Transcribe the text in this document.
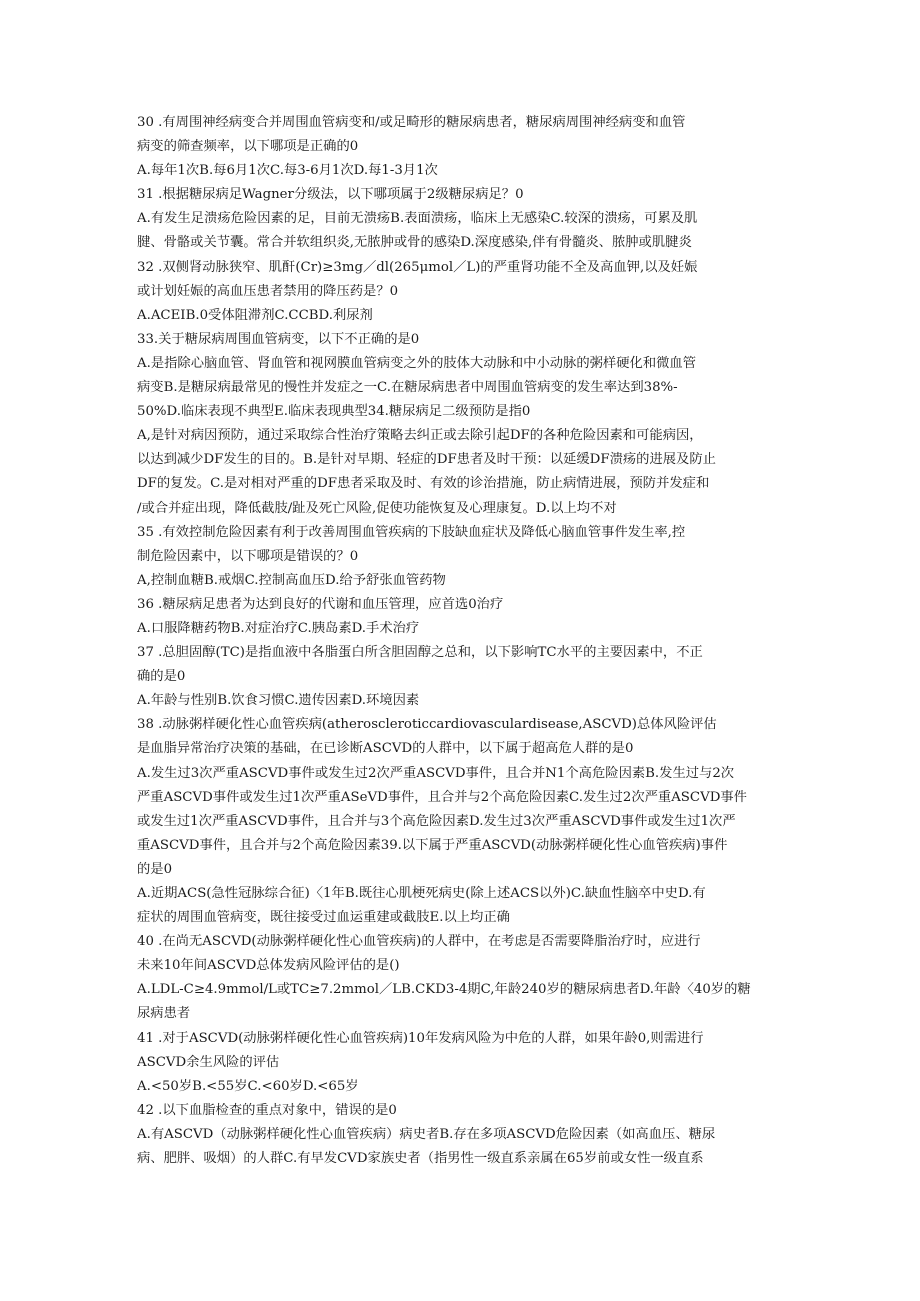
30 .有周围神经病变合并周围血管病变和/或足畸形的糖尿病患者，糖尿病周围神经病变和血管
病变的筛查频率，以下哪项是正确的0
A.每年1次B.每6月1次C.每3-6月1次D.每1-3月1次
31 .根据糖尿病足Wagner分级法，以下哪项属于2级糖尿病足？0
A.有发生足溃疡危险因素的足，目前无溃疡B.表面溃疡，临床上无感染C.较深的溃疡，可累及肌
腱、骨骼或关节囊。常合并软组织炎,无脓肿或骨的感染D.深度感染,伴有骨髓炎、脓肿或肌腱炎
32 .双侧肾动脉狭窄、肌酐(Cr)≥3mg／dl(265μmol／L)的严重肾功能不全及高血钾,以及妊娠
或计划妊娠的高血压患者禁用的降压药是？0
A.ACEIB.0受体阻滞剂C.CCBD.利尿剂
33.关于糖尿病周围血管病变，以下不正确的是0
A.是指除心脑血管、肾血管和视网膜血管病变之外的肢体大动脉和中小动脉的粥样硬化和微血管
病变B.是糖尿病最常见的慢性并发症之一C.在糖尿病患者中周围血管病变的发生率达到38%-
50%D.临床表现不典型E.临床表现典型34.糖尿病足二级预防是指0
A,是针对病因预防，通过采取综合性治疗策略去纠正或去除引起DF的各种危险因素和可能病因，
以达到减少DF发生的目的。B.是针对早期、轻症的DF患者及时干预：以延缓DF溃疡的进展及防止
DF的复发。C.是对相对严重的DF患者采取及时、有效的诊治措施，防止病情进展，预防并发症和
/或合并症出现，降低截肢/趾及死亡风险,促使功能恢复及心理康复。D.以上均不对
35 .有效控制危险因素有利于改善周围血管疾病的下肢缺血症状及降低心脑血管事件发生率,控
制危险因素中，以下哪项是错误的？0
A,控制血糖B.戒烟C.控制高血压D.给予舒张血管药物
36 .糖尿病足患者为达到良好的代谢和血压管理，应首选0治疗
A.口服降糖药物B.对症治疗C.胰岛素D.手术治疗
37 .总胆固醇(TC)是指血液中各脂蛋白所含胆固醇之总和，以下影响TC水平的主要因素中，不正
确的是0
A.年龄与性别B.饮食习惯C.遗传因素D.环境因素
38 .动脉粥样硬化性心血管疾病(atheroscleroticcardiovasculardisease,ASCVD)总体风险评估
是血脂异常治疗决策的基础，在已诊断ASCVD的人群中，以下属于超高危人群的是0
A.发生过3次严重ASCVD事件或发生过2次严重ASCVD事件，且合并N1个高危险因素B.发生过与2次
严重ASCVD事件或发生过1次严重ASeVD事件，且合并与2个高危险因素C.发生过2次严重ASCVD事件
或发生过1次严重ASCVD事件，且合并与3个高危险因素D.发生过3次严重ASCVD事件或发生过1次严
重ASCVD事件，且合并与2个高危险因素39.以下属于严重ASCVD(动脉粥样硬化性心血管疾病)事件
的是0
A.近期ACS(急性冠脉综合征)〈1年B.既往心肌梗死病史(除上述ACS以外)C.缺血性脑卒中史D.有
症状的周围血管病变，既往接受过血运重建或截肢E.以上均正确
40 .在尚无ASCVD(动脉粥样硬化性心血管疾病)的人群中，在考虑是否需要降脂治疗时，应进行
未来10年间ASCVD总体发病风险评估的是()
A.LDL-C≥4.9mmol/L或TC≥7.2mmol／LB.CKD3-4期C,年龄240岁的糖尿病患者D.年龄〈40岁的糖
尿病患者
41 .对于ASCVD(动脉粥样硬化性心血管疾病)10年发病风险为中危的人群，如果年龄0,则需进行
ASCVD余生风险的评估
A.<50岁B.<55岁C.<60岁D.<65岁
42 .以下血脂检查的重点对象中，错误的是0
A.有ASCVD（动脉粥样硬化性心血管疾病）病史者B.存在多项ASCVD危险因素（如高血压、糖尿
病、肥胖、吸烟）的人群C.有早发CVD家族史者（指男性一级直系亲属在65岁前或女性一级直系
